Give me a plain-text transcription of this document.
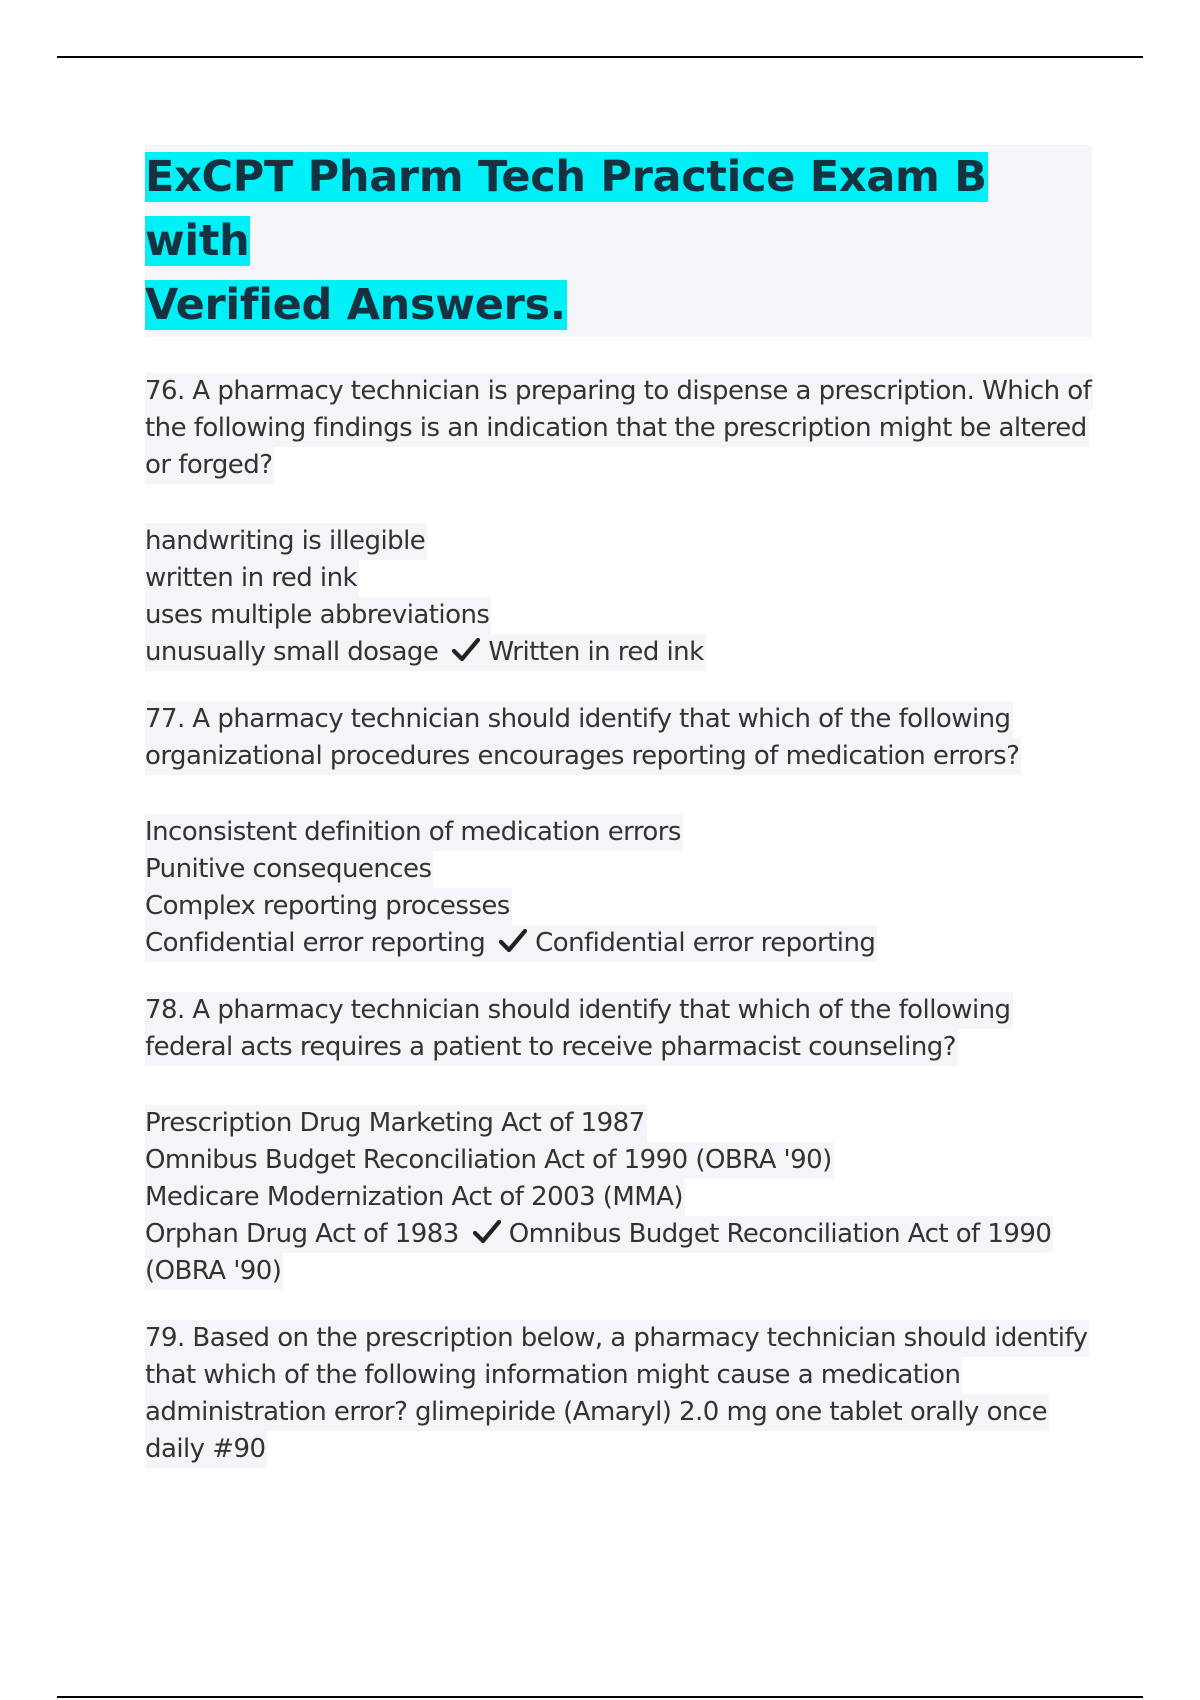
ExCPT Pharm Tech Practice Exam B with
Verified Answers.
76. A pharmacy technician is preparing to dispense a prescription. Which of
the following findings is an indication that the prescription might be altered
or forged?
handwriting is illegible
written in red ink
uses multiple abbreviations
unusually small dosage Written in red ink
77. A pharmacy technician should identify that which of the following
organizational procedures encourages reporting of medication errors?
Inconsistent definition of medication errors
Punitive consequences
Complex reporting processes
Confidential error reporting Confidential error reporting
78. A pharmacy technician should identify that which of the following
federal acts requires a patient to receive pharmacist counseling?
Prescription Drug Marketing Act of 1987
Omnibus Budget Reconciliation Act of 1990 (OBRA '90)
Medicare Modernization Act of 2003 (MMA)
Orphan Drug Act of 1983 Omnibus Budget Reconciliation Act of 1990
(OBRA '90)
79. Based on the prescription below, a pharmacy technician should identify
that which of the following information might cause a medication
administration error? glimepiride (Amaryl) 2.0 mg one tablet orally once
daily #90
